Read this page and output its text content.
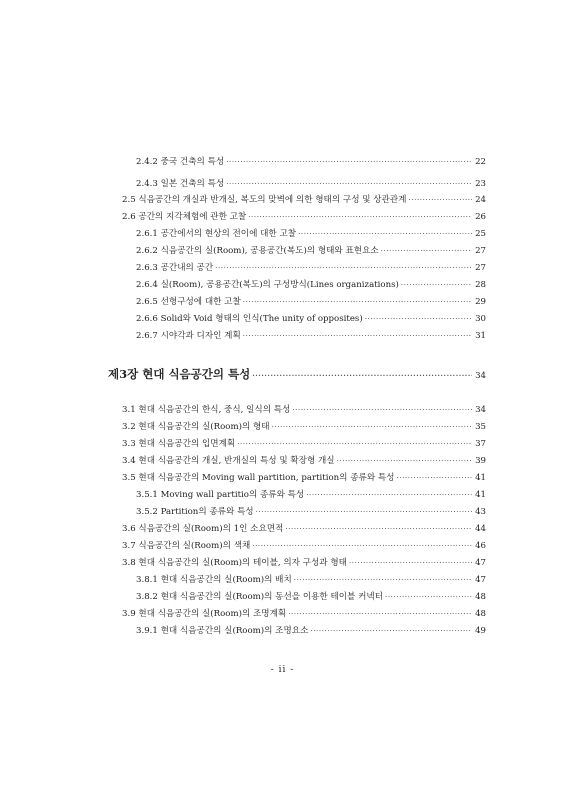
2.4.2 중국 건축의 특성 ·····	22
2.4.3 일본 건축의 특성 ·····	23
2.5 식음공간의 개실과 반개실, 복도의 맞벽에 의한 형태의 구성 및 상관관계 ·····	24
2.6 공간의 지각체험에 관한 고찰 ·····	26
2.6.1 공간에서의 현상의 전이에 대한 고찰 ·····	25
2.6.2 식음공간의 실(Room), 공용공간(복도)의 형태와 표현요소 ·····	27
2.6.3 공간내의 공간 ·····	27
2.6.4 실(Room), 공용공간(복도)의 구성방식(Lines organizations) ·····	28
2.6.5 선형구성에 대한 고찰 ·····	29
2.6.6 Solid와 Void 형태의 인식(The unity of opposites) ·····	30
2.6.7 시야각과 디자인 계획 ·····	31
제3장 현대 식음공간의 특성 ·····	34
3.1 현대 식음공간의 한식, 중식, 일식의 특성 ·····	34
3.2 현대 식음공간의 실(Room)의 형태 ·····	35
3.3 현대 식음공간의 입면계획 ·····	37
3.4 현대 식음공간의 개실, 반개실의 특성 및 확장형 개실 ·····	39
3.5 현대 식음공간의 Moving wall partition, partition의 종류와 특성 ·····	41
3.5.1 Moving wall partitio의 종류와 특성 ·····	41
3.5.2 Partition의 종류와 특성 ·····	43
3.6 식음공간의 실(Room)의 1인 소요면적 ·····	44
3.7 식음공간의 실(Room)의 색채 ·····	46
3.8 현대 식음공간의 실(Room)의 테이블, 의자 구성과 형태 ·····	47
3.8.1 현대 식음공간의 실(Room)의 배치 ·····	47
3.8.2 현대 식음공간의 실(Room)의 동선을 이용한 테이블 커넥터 ·····	48
3.9 현대 식음공간의 실(Room)의 조명계획 ·····	48
3.9.1 현대 식음공간의 실(Room)의 조명요소 ·····	49
- ii -
